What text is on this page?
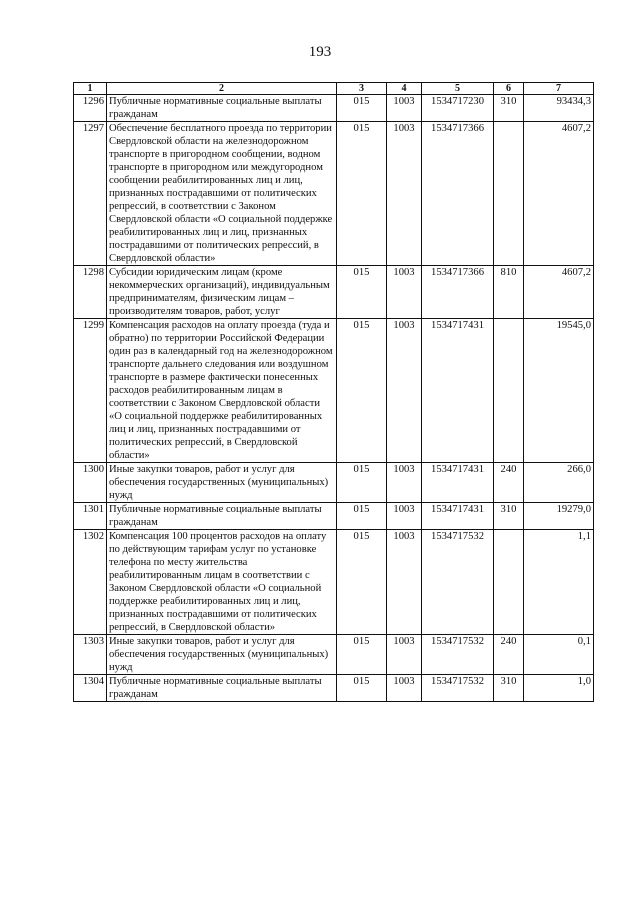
193
1	2	3	4	5	6	7
1296	Публичные нормативные социальные выплаты гражданам	015	1003	1534717230	310	93434,3
1297	Обеспечение бесплатного проезда по территории Свердловской области на железнодорожном транспорте в пригородном сообщении, водном транспорте в пригородном или междугородном сообщении реабилитированных лиц и лиц, признанных пострадавшими от политических репрессий, в соответствии с Законом Свердловской области «О социальной поддержке реабилитированных лиц и лиц, признанных пострадавшими от политических репрессий, в Свердловской области»	015	1003	1534717366		4607,2
1298	Субсидии юридическим лицам (кроме некоммерческих организаций), индивидуальным предпринимателям, физическим лицам – производителям товаров, работ, услуг	015	1003	1534717366	810	4607,2
1299	Компенсация расходов на оплату проезда (туда и обратно) по территории Российской Федерации один раз в календарный год на железнодорожном транспорте дальнего следования или воздушном транспорте в размере фактически понесенных расходов реабилитированным лицам в соответствии с Законом Свердловской области «О социальной поддержке реабилитированных лиц и лиц, признанных пострадавшими от политических репрессий, в Свердловской области»	015	1003	1534717431		19545,0
1300	Иные закупки товаров, работ и услуг для обеспечения государственных (муниципальных) нужд	015	1003	1534717431	240	266,0
1301	Публичные нормативные социальные выплаты гражданам	015	1003	1534717431	310	19279,0
1302	Компенсация 100 процентов расходов на оплату по действующим тарифам услуг по установке телефона по месту жительства реабилитированным лицам в соответствии с Законом Свердловской области «О социальной поддержке реабилитированных лиц и лиц, признанных пострадавшими от политических репрессий, в Свердловской области»	015	1003	1534717532		1,1
1303	Иные закупки товаров, работ и услуг для обеспечения государственных (муниципальных) нужд	015	1003	1534717532	240	0,1
1304	Публичные нормативные социальные выплаты гражданам	015	1003	1534717532	310	1,0
